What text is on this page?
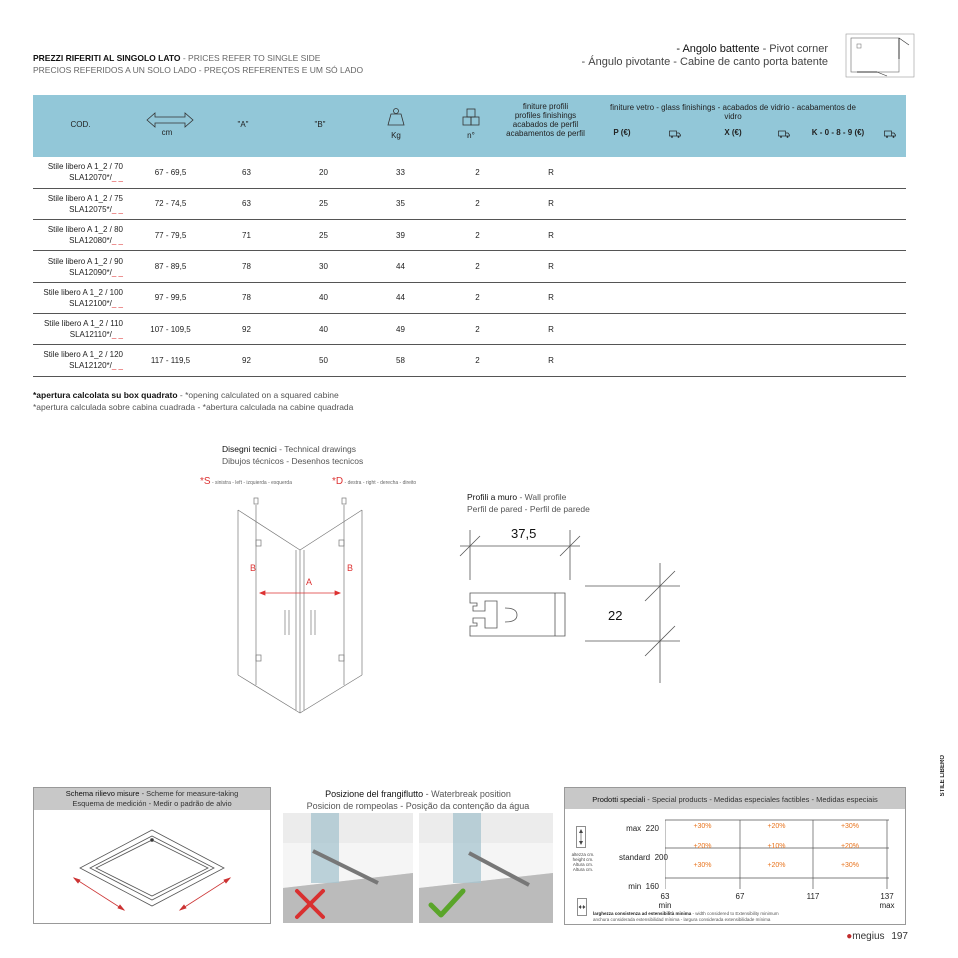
PREZZI RIFERITI AL SINGOLO LATO - PRICES REFER TO SINGLE SIDE
PRECIOS REFERIDOS A UN SOLO LADO - PREÇOS REFERENTES E UM SÓ LADO
- Angolo battente - Pivot corner
- Ángulo pivotante - Cabine de canto porta batente
COD.
cm
"A"	"B"
Kg	n°
finiture profili
profiles finishings
acabados de perfil
acabamentos de perfil
finiture vetro - glass finishings - acabados de vidrio - acabamentos de vidro
P (€)	X (€)	K - 0 - 8 - 9 (€)
Stile libero A 1_2 / 70
SLA12070*/_ _	67 - 69,5	63	20	33	2	R	

Stile libero A 1_2 / 75
SLA12075*/_ _	72 - 74,5	63	25	35	2	R	

Stile libero A 1_2 / 80
SLA12080*/_ _	77 - 79,5	71	25	39	2	R	

Stile libero A 1_2 / 90
SLA12090*/_ _	87 - 89,5	78	30	44	2	R	

Stile libero A 1_2 / 100
SLA12100*/_ _	97 - 99,5	78	40	44	2	R	

Stile libero A 1_2 / 110
SLA12110*/_ _	107 - 109,5	92	40	49	2	R	

Stile libero A 1_2 / 120
SLA12120*/_ _	117 - 119,5	92	50	58	2	R	
*apertura calcolata su box quadrato - *opening calculated on a squared cabine
*apertura calculada sobre cabina cuadrada - *abertura calculada na cabine quadrada
Disegni tecnici - Technical drawings
Dibujos técnicos - Desenhos tecnicos
*S - sinistra - left - izquierda - esquerda	*D - destra - right - derecha - direito
B	B
A
Profili a muro - Wall profile
Perfil de pared - Perfil de parede
37,5
22
Schema rilievo misure - Scheme for measure-taking
Esquema de medición - Medir o padrão de alvio
Posizione del frangiflutto - Waterbreak position
Posicion de rompeolas - Posição da contenção da água
Prodotti speciali - Special products - Medidas especiales factibles - Medidas especiais
altezza cm.
height cm.
Altura cm.
Altura cm.
max 220
standard 200
min 160
+30%	+20%	+30%
+20%	+10%	+20%
+30%	+20%	+30%
63
min
67	117	137
max
larghezza consistenza ad estensibilità minima - width considered to Extensibility minimum
anchura considerada extensibilidad mínima - largura considerada extensibilidade mínima
STILE LIBERO
●megius 197
